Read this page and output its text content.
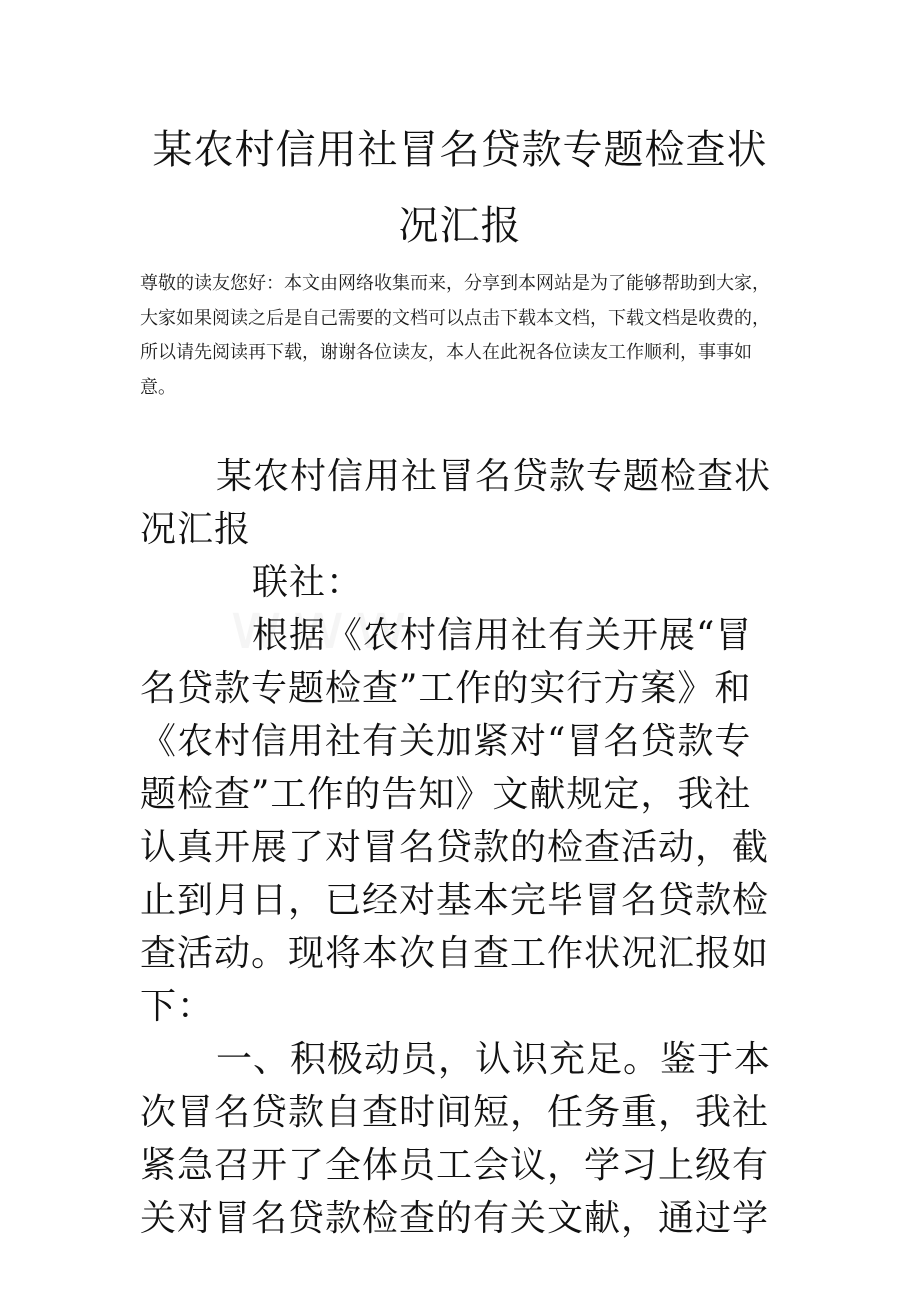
某农村信用社冒名贷款专题检查状况汇报

尊敬的读友您好：本文由网络收集而来，分享到本网站是为了能够帮助到大家，大家如果阅读之后是自己需要的文档可以点击下载本文档，下载文档是收费的，所以请先阅读再下载，谢谢各位读友，本人在此祝各位读友工作顺利，事事如意。

某农村信用社冒名贷款专题检查状况汇报

联社：

根据《农村信用社有关开展“冒名贷款专题检查”工作的实行方案》和《农村信用社有关加紧对“冒名贷款专题检查”工作的告知》文献规定，我社认真开展了对冒名贷款的检查活动，截止到月日，已经对基本完毕冒名贷款检查活动。现将本次自查工作状况汇报如下：

一、积极动员，认识充足。鉴于本次冒名贷款自查时间短，任务重，我社紧急召开了全体员工会议，学习上级有关对冒名贷款检查的有关文献，通过学
